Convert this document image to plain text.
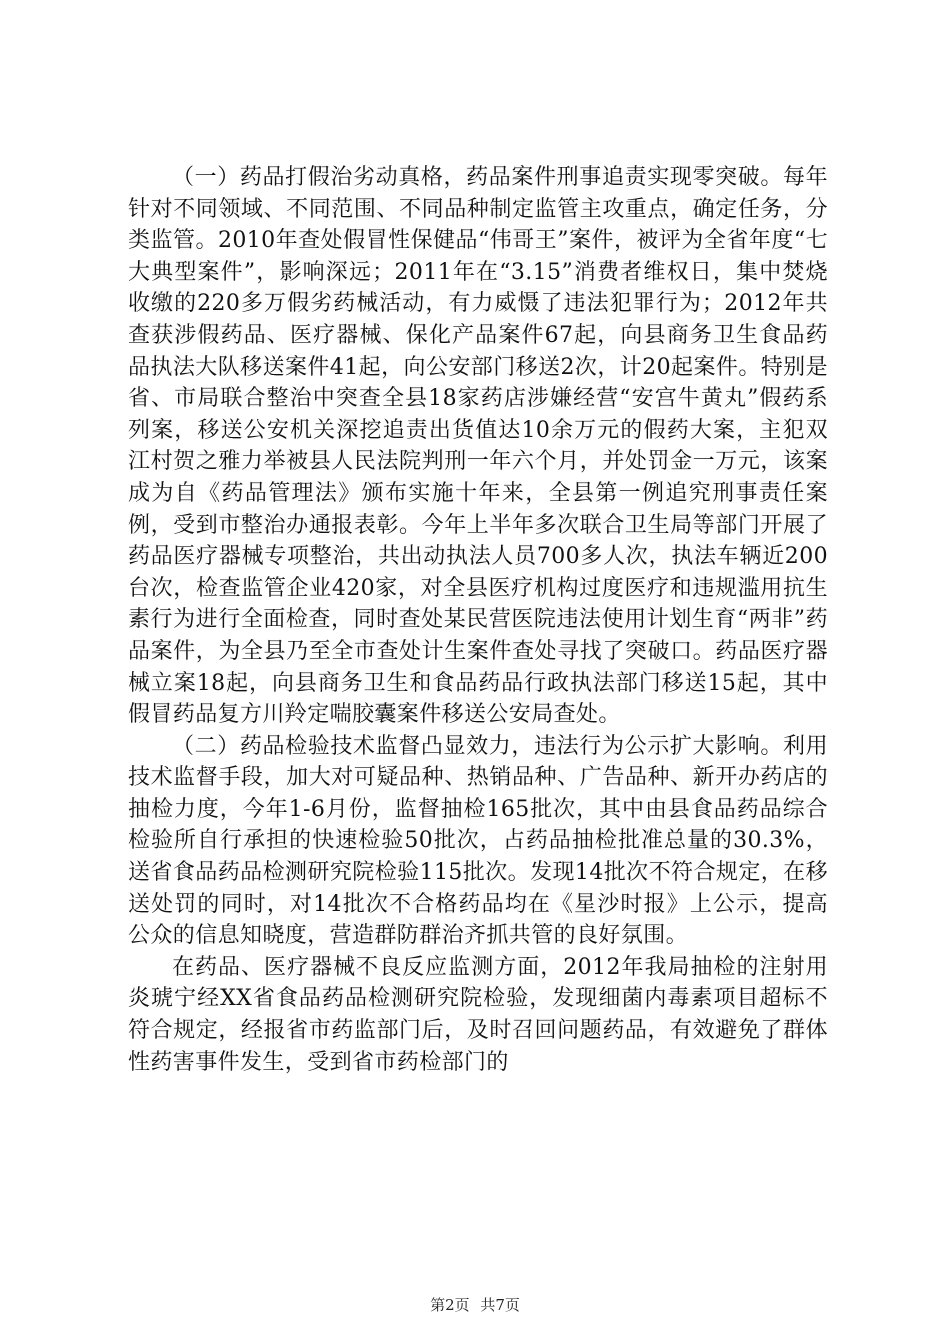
（一）药品打假治劣动真格，药品案件刑事追责实现零突破。每年针对不同领域、不同范围、不同品种制定监管主攻重点，确定任务，分类监管。2010年查处假冒性保健品“伟哥王”案件，被评为全省年度“七大典型案件”，影响深远；2011年在“3.15”消费者维权日，集中焚烧收缴的220多万假劣药械活动，有力威慑了违法犯罪行为；2012年共查获涉假药品、医疗器械、保化产品案件67起，向县商务卫生食品药品执法大队移送案件41起，向公安部门移送2次，计20起案件。特别是省、市局联合整治中突查全县18家药店涉嫌经营“安宫牛黄丸”假药系列案，移送公安机关深挖追责出货值达10余万元的假药大案，主犯双江村贺之雅力举被县人民法院判刑一年六个月，并处罚金一万元，该案成为自《药品管理法》颁布实施十年来，全县第一例追究刑事责任案例，受到市整治办通报表彰。今年上半年多次联合卫生局等部门开展了药品医疗器械专项整治，共出动执法人员700多人次，执法车辆近200台次，检查监管企业420家，对全县医疗机构过度医疗和违规滥用抗生素行为进行全面检查，同时查处某民营医院违法使用计划生育“两非”药品案件，为全县乃至全市查处计生案件查处寻找了突破口。药品医疗器械立案18起，向县商务卫生和食品药品行政执法部门移送15起，其中假冒药品复方川羚定喘胶囊案件移送公安局查处。

（二）药品检验技术监督凸显效力，违法行为公示扩大影响。利用技术监督手段，加大对可疑品种、热销品种、广告品种、新开办药店的抽检力度，今年1-6月份，监督抽检165批次，其中由县食品药品综合检验所自行承担的快速检验50批次，占药品抽检批准总量的30.3%，送省食品药品检测研究院检验115批次。发现14批次不符合规定，在移送处罚的同时，对14批次不合格药品均在《星沙时报》上公示，提高公众的信息知晓度，营造群防群治齐抓共管的良好氛围。

在药品、医疗器械不良反应监测方面，2012年我局抽检的注射用炎琥宁经XX省食品药品检测研究院检验，发现细菌内毒素项目超标不符合规定，经报省市药监部门后，及时召回问题药品，有效避免了群体性药害事件发生，受到省市药检部门的

第2页 共7页
